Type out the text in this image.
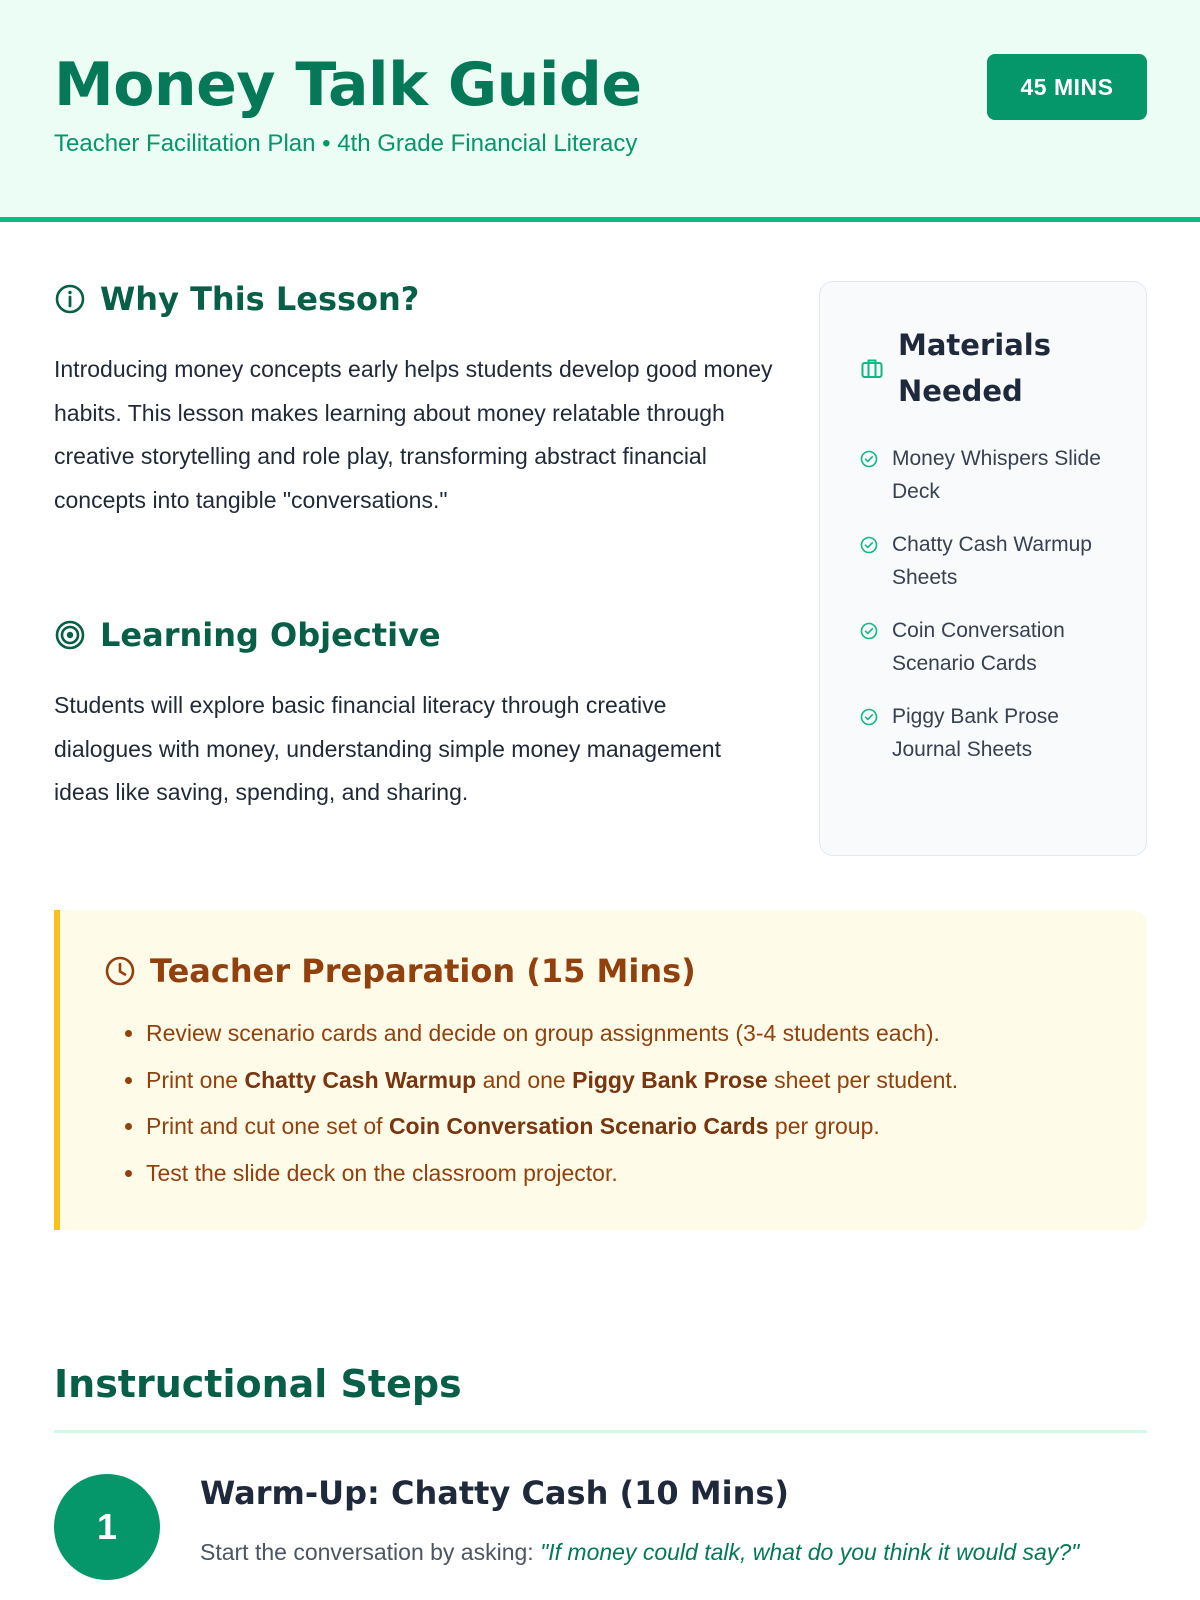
Money Talk Guide
Teacher Facilitation Plan • 4th Grade Financial Literacy
45 MINS
Why This Lesson?

Introducing money concepts early helps students develop good money habits. This lesson makes learning about money relatable through creative storytelling and role play, transforming abstract financial concepts into tangible "conversations."

Learning Objective

Students will explore basic financial literacy through creative dialogues with money, understanding simple money management ideas like saving, spending, and sharing.

Materials Needed
Money Whispers Slide Deck
Chatty Cash Warmup Sheets
Coin Conversation Scenario Cards
Piggy Bank Prose Journal Sheets
Teacher Preparation (15 Mins)
• Review scenario cards and decide on group assignments (3-4 students each).
• Print one Chatty Cash Warmup and one Piggy Bank Prose sheet per student.
• Print and cut one set of Coin Conversation Scenario Cards per group.
• Test the slide deck on the classroom projector.
Instructional Steps
1
Warm-Up: Chatty Cash (10 Mins)

Start the conversation by asking: "If money could talk, what do you think it would say?"
